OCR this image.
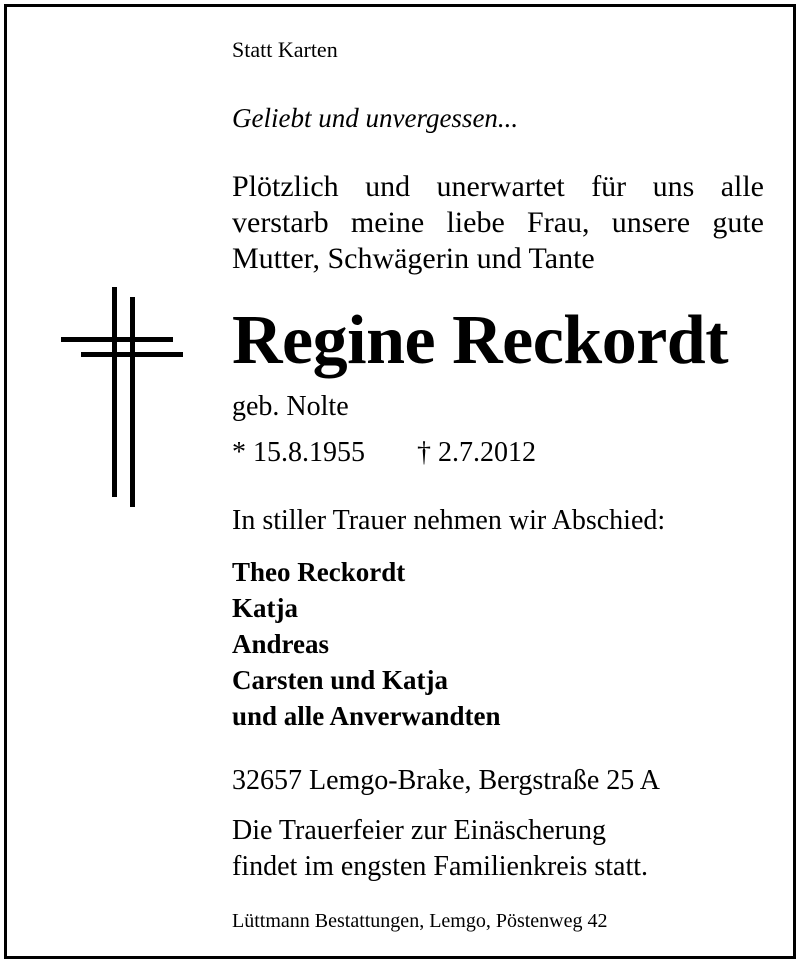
Statt Karten
Geliebt und unvergessen...
Plötzlich und unerwartet für uns alle verstarb meine liebe Frau, unsere gute Mutter, Schwägerin und Tante
Regine Reckordt
geb. Nolte
* 15.8.1955 † 2.7.2012
In stiller Trauer nehmen wir Abschied:
Theo Reckordt
Katja
Andreas
Carsten und Katja
und alle Anverwandten
32657 Lemgo-Brake, Bergstraße 25 A
Die Trauerfeier zur Einäscherung
findet im engsten Familienkreis statt.
Lüttmann Bestattungen, Lemgo, Pöstenweg 42
